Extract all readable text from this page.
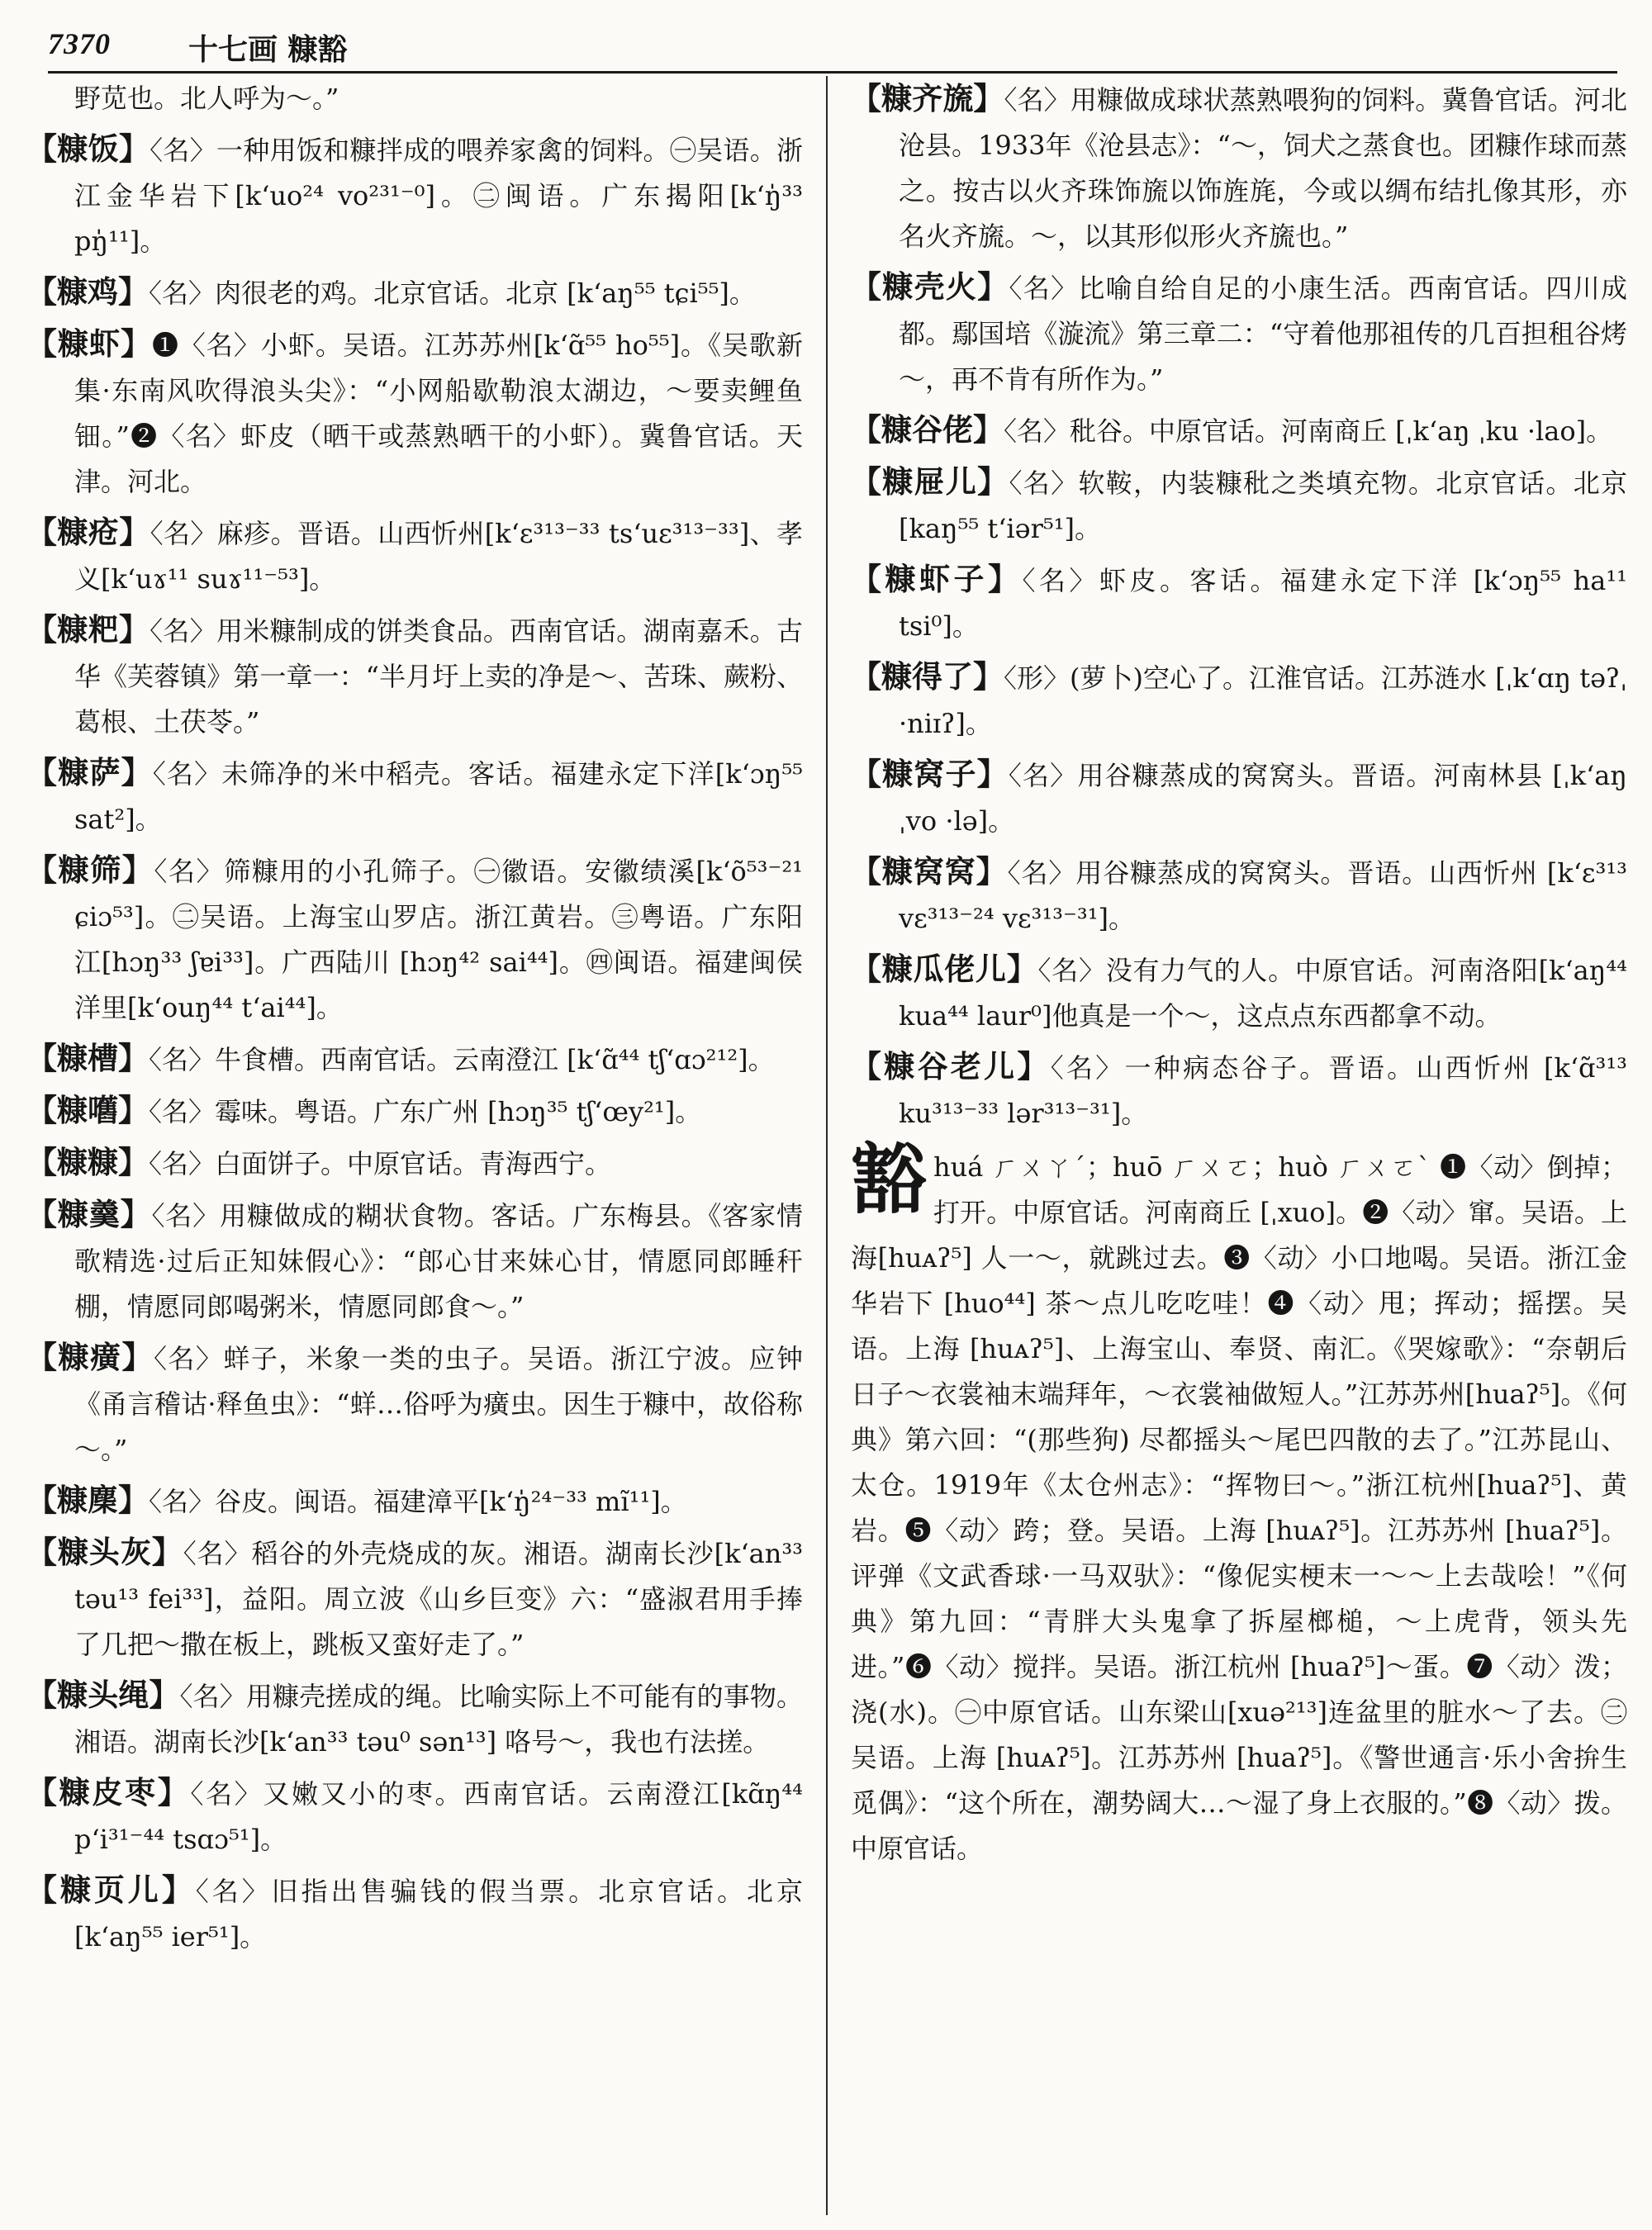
7370	十七画 糠豁
野苋也。北人呼为～。”
【糠饭】〈名〉一种用饭和糠拌成的喂养家禽的饲料。㊀吴语。浙江金华岩下[kʻuo²⁴ vo²³¹⁻⁰]。㊁闽语。广东揭阳[kʻŋ̍³³ pŋ̍¹¹]。
【糠鸡】〈名〉肉很老的鸡。北京官话。北京 [kʻaŋ⁵⁵ tɕi⁵⁵]。
【糠虾】❶〈名〉小虾。吴语。江苏苏州[kʻɑ̃⁵⁵ ho⁵⁵]。《吴歌新集·东南风吹得浪头尖》：“小网船歇勒浪太湖边，～要卖鲤鱼钿。”❷〈名〉虾皮（晒干或蒸熟晒干的小虾）。冀鲁官话。天津。河北。
【糠疮】〈名〉麻疹。晋语。山西忻州[kʻɛ³¹³⁻³³ tsʻuɛ³¹³⁻³³]、孝义[kʻuɤ¹¹ suɤ¹¹⁻⁵³]。
【糠粑】〈名〉用米糠制成的饼类食品。西南官话。湖南嘉禾。古华《芙蓉镇》第一章一：“半月圩上卖的净是～、苦珠、蕨粉、葛根、土茯苓。”
【糠萨】〈名〉未筛净的米中稻壳。客话。福建永定下洋[kʻɔŋ⁵⁵ sat²]。
【糠筛】〈名〉筛糠用的小孔筛子。㊀徽语。安徽绩溪[kʻõ⁵³⁻²¹ ɕiɔ⁵³]。㊁吴语。上海宝山罗店。浙江黄岩。㊂粤语。广东阳江[hɔŋ³³ ʃɐi³³]。广西陆川 [hɔŋ⁴² sai⁴⁴]。㊃闽语。福建闽侯洋里[kʻouŋ⁴⁴ tʻai⁴⁴]。
【糠槽】〈名〉牛食槽。西南官话。云南澄江 [kʻɑ̃⁴⁴ tʃʻɑɔ²¹²]。
【糠嚿】〈名〉霉味。粤语。广东广州 [hɔŋ³⁵ tʃʻœy²¹]。
【糠糠】〈名〉白面饼子。中原官话。青海西宁。
【糠羹】〈名〉用糠做成的糊状食物。客话。广东梅县。《客家情歌精选·过后正知妹假心》：“郎心甘来妹心甘，情愿同郎睡秆棚，情愿同郎喝粥米，情愿同郎食～。”
【糠癀】〈名〉蛘子，米象一类的虫子。吴语。浙江宁波。应钟《甬言稽诂·释鱼虫》：“蛘…俗呼为癀虫。因生于糠中，故俗称～。”
【糠䴢】〈名〉谷皮。闽语。福建漳平[kʻŋ̍²⁴⁻³³ mĩ¹¹]。
【糠头灰】〈名〉稻谷的外壳烧成的灰。湘语。湖南长沙[kʻan³³ təu¹³ fei³³]，益阳。周立波《山乡巨变》六：“盛淑君用手捧了几把～撒在板上，跳板又蛮好走了。”
【糠头绳】〈名〉用糠壳搓成的绳。比喻实际上不可能有的事物。湘语。湖南长沙[kʻan³³ təu⁰ sən¹³] 咯号～，我也冇法搓。
【糠皮枣】〈名〉又嫩又小的枣。西南官话。云南澄江[kɑ̃ŋ⁴⁴ pʻi³¹⁻⁴⁴ tsɑɔ⁵¹]。
【糠页儿】〈名〉旧指出售骗钱的假当票。北京官话。北京[kʻaŋ⁵⁵ ier⁵¹]。
【糠齐旒】〈名〉用糠做成球状蒸熟喂狗的饲料。冀鲁官话。河北沧县。1933年《沧县志》：“～，饲犬之蒸食也。团糠作球而蒸之。按古以火齐珠饰旒以饰旌旄，今或以绸布结扎像其形，亦名火齐旒。～，以其形似形火齐旒也。”
【糠壳火】〈名〉比喻自给自足的小康生活。西南官话。四川成都。鄢国培《漩流》第三章二：“守着他那祖传的几百担租谷烤～，再不肯有所作为。”
【糠谷佬】〈名〉秕谷。中原官话。河南商丘 [ˌkʻaŋ ˌku ·lao]。
【糠屉儿】〈名〉软鞍，内装糠秕之类填充物。北京官话。北京[kaŋ⁵⁵ tʻiər⁵¹]。
【糠虾子】〈名〉虾皮。客话。福建永定下洋 [kʻɔŋ⁵⁵ ha¹¹ tsi⁰]。
【糠得了】〈形〉(萝卜)空心了。江淮官话。江苏涟水 [ˌkʻɑŋ təʔˌ ·niɪʔ]。
【糠窝子】〈名〉用谷糠蒸成的窝窝头。晋语。河南林县 [ˌkʻaŋ ˌvo ·lə]。
【糠窝窝】〈名〉用谷糠蒸成的窝窝头。晋语。山西忻州 [kʻɛ³¹³ vɛ³¹³⁻²⁴ vɛ³¹³⁻³¹]。
【糠瓜佬儿】〈名〉没有力气的人。中原官话。河南洛阳[kʻaŋ⁴⁴ kua⁴⁴ laur⁰]他真是一个～，这点点东西都拿不动。
【糠谷老儿】〈名〉一种病态谷子。晋语。山西忻州 [kʻɑ̃³¹³ ku³¹³⁻³³ lər³¹³⁻³¹]。
豁 huá ㄏㄨㄚˊ；huō ㄏㄨㄛ；huò ㄏㄨㄛˋ ❶〈动〉倒掉；打开。中原官话。河南商丘 [ˌxuo]。❷〈动〉窜。吴语。上海[huᴀʔ⁵] 人一～，就跳过去。❸〈动〉小口地喝。吴语。浙江金华岩下 [huo⁴⁴] 茶～点儿吃吃哇！❹〈动〉甩；挥动；摇摆。吴语。上海 [huᴀʔ⁵]、上海宝山、奉贤、南汇。《哭嫁歌》：“奈朝后日子～衣裳袖末端拜年，～衣裳袖做短人。”江苏苏州[huaʔ⁵]。《何典》第六回：“(那些狗) 尽都摇头～尾巴四散的去了。”江苏昆山、太仓。1919年《太仓州志》：“挥物曰～。”浙江杭州[huaʔ⁵]、黄岩。❺〈动〉跨；登。吴语。上海 [huᴀʔ⁵]。江苏苏州 [huaʔ⁵]。评弹《文武香球·一马双驮》：“像伲实梗末一～～上去哉哙！”《何典》第九回：“青胖大头鬼拿了拆屋榔槌，～上虎背，领头先进。”❻〈动〉搅拌。吴语。浙江杭州 [huaʔ⁵]～蛋。❼〈动〉泼；浇(水)。㊀中原官话。山东梁山[xuə²¹³]连盆里的脏水～了去。㊁吴语。上海 [huᴀʔ⁵]。江苏苏州 [huaʔ⁵]。《警世通言·乐小舍拚生觅偶》：“这个所在，潮势阔大…～湿了身上衣服的。”❽〈动〉拨。中原官话。
